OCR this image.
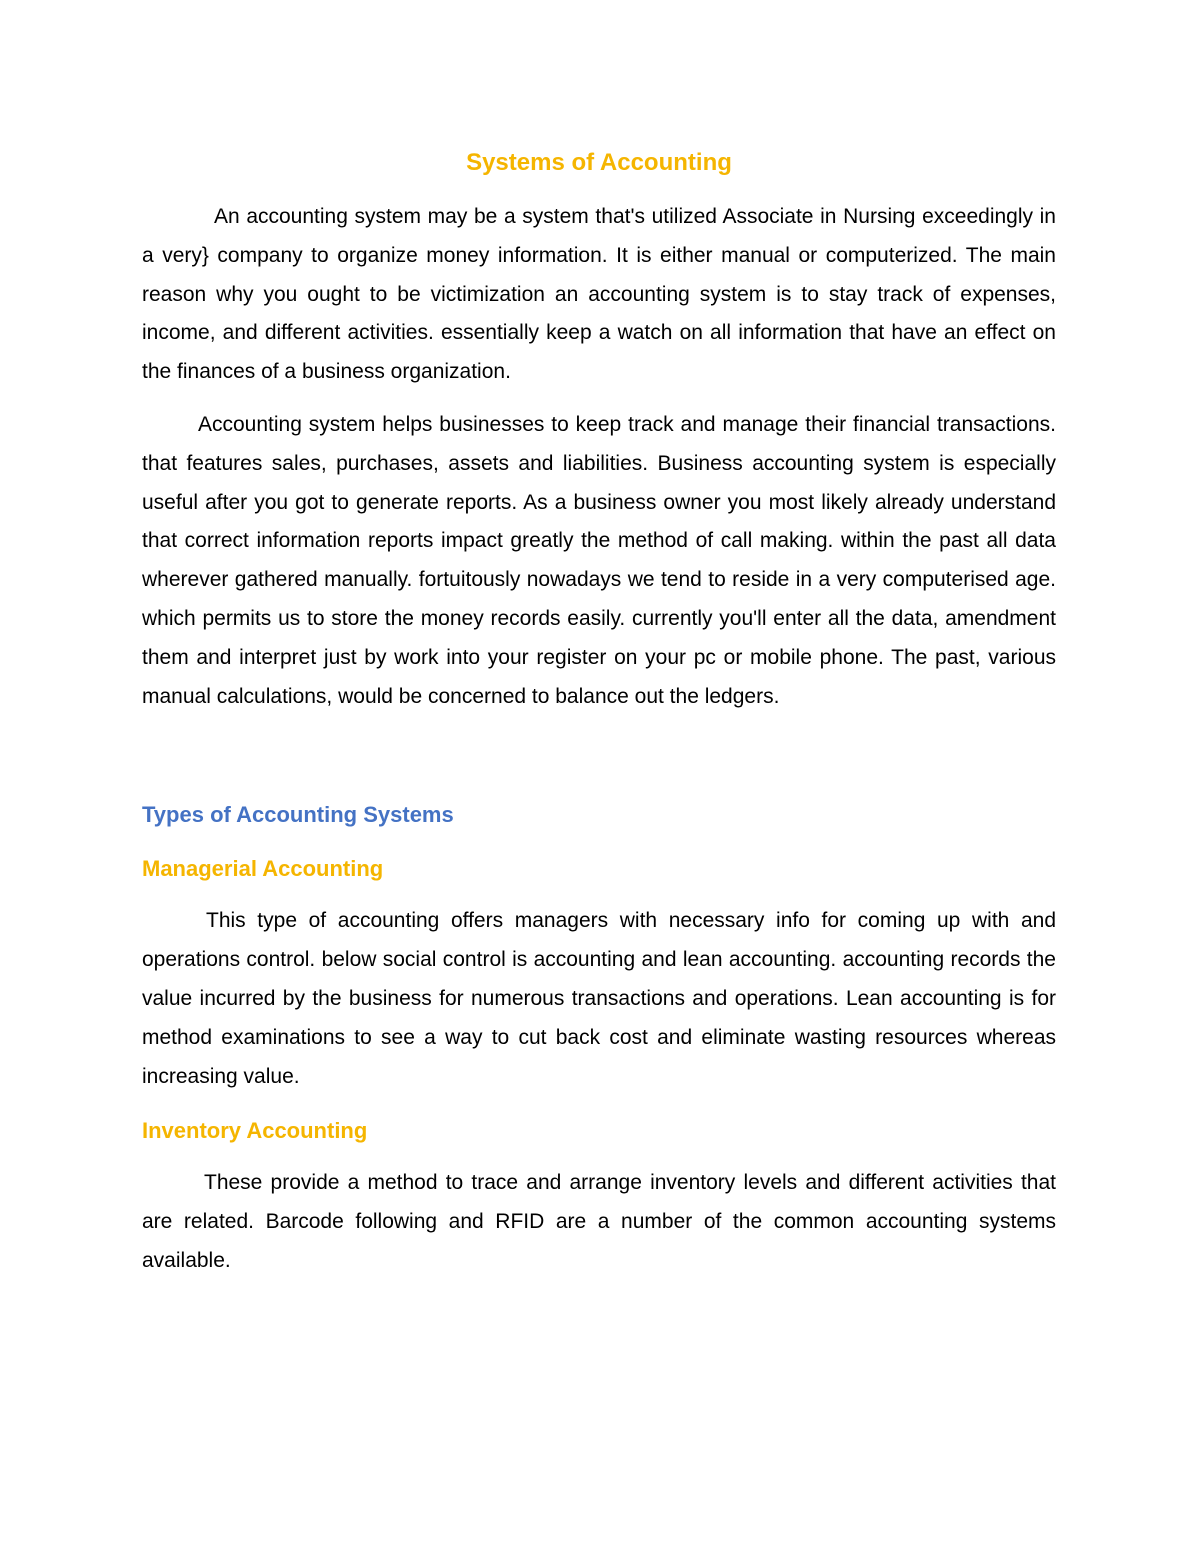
Systems of Accounting

An accounting system may be a system that's utilized Associate in Nursing exceedingly in a very} company to organize money information. It is either manual or computerized. The main reason why you ought to be victimization an accounting system is to stay track of expenses, income, and different activities. essentially keep a watch on all information that have an effect on the finances of a business organization.

Accounting system helps businesses to keep track and manage their financial transactions. that features sales, purchases, assets and liabilities. Business accounting system is especially useful after you got to generate reports. As a business owner you most likely already understand that correct information reports impact greatly the method of call making. within the past all data wherever gathered manually. fortuitously nowadays we tend to reside in a very computerised age. which permits us to store the money records easily. currently you'll enter all the data, amendment them and interpret just by work into your register on your pc or mobile phone. The past, various manual calculations, would be concerned to balance out the ledgers.

Types of Accounting Systems
Managerial Accounting

This type of accounting offers managers with necessary info for coming up with and operations control. below social control is accounting and lean accounting. accounting records the value incurred by the business for numerous transactions and operations. Lean accounting is for method examinations to see a way to cut back cost and eliminate wasting resources whereas increasing value.

Inventory Accounting

These provide a method to trace and arrange inventory levels and different activities that are related. Barcode following and RFID are a number of the common accounting systems available.
